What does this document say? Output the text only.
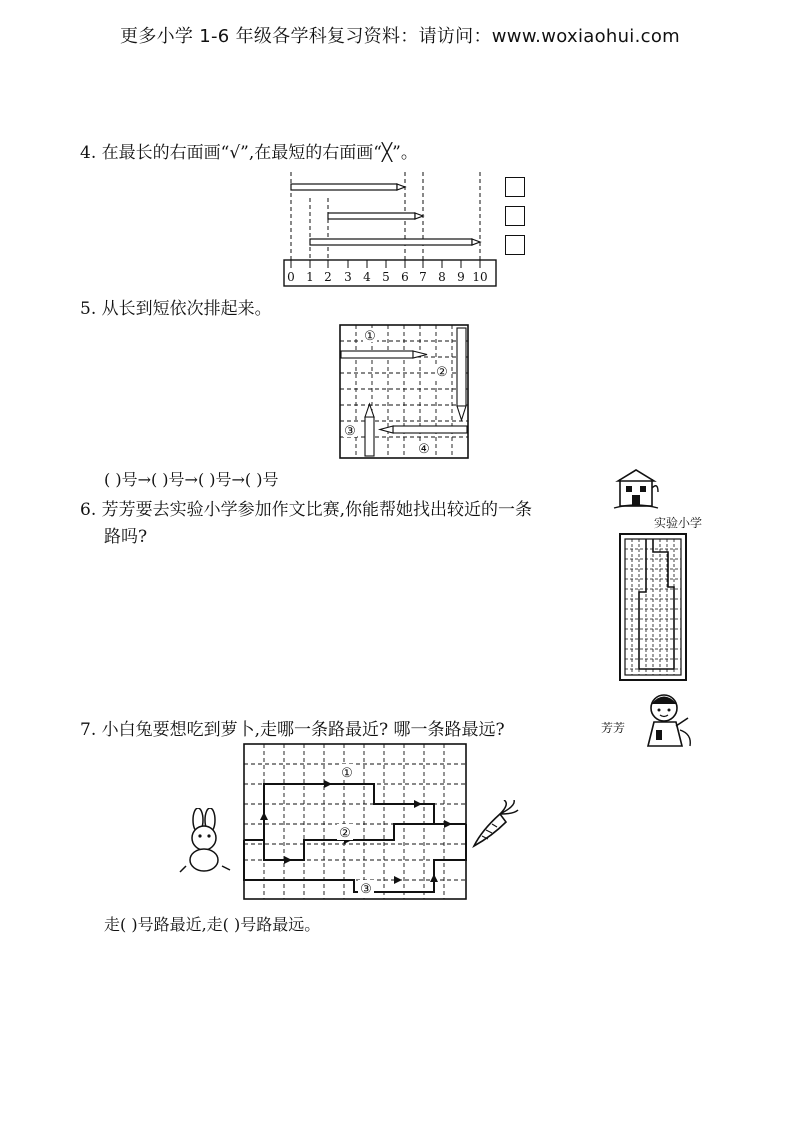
更多小学 1-6 年级各学科复习资料：请访问：www.woxiaohui.com
4. 在最长的右面画“√”,在最短的右面画“╳”。
0 1 2 3 4 5 6 7 8 9 10
5. 从长到短依次排起来。
①
②
③
④
( )号→( )号→( )号→( )号
6. 芳芳要去实验小学参加作文比赛,你能帮她找出较近的一条
路吗?
实验小学
芳芳
7. 小白兔要想吃到萝卜,走哪一条路最近? 哪一条路最远?
①
②
③
走( )号路最近,走( )号路最远。
